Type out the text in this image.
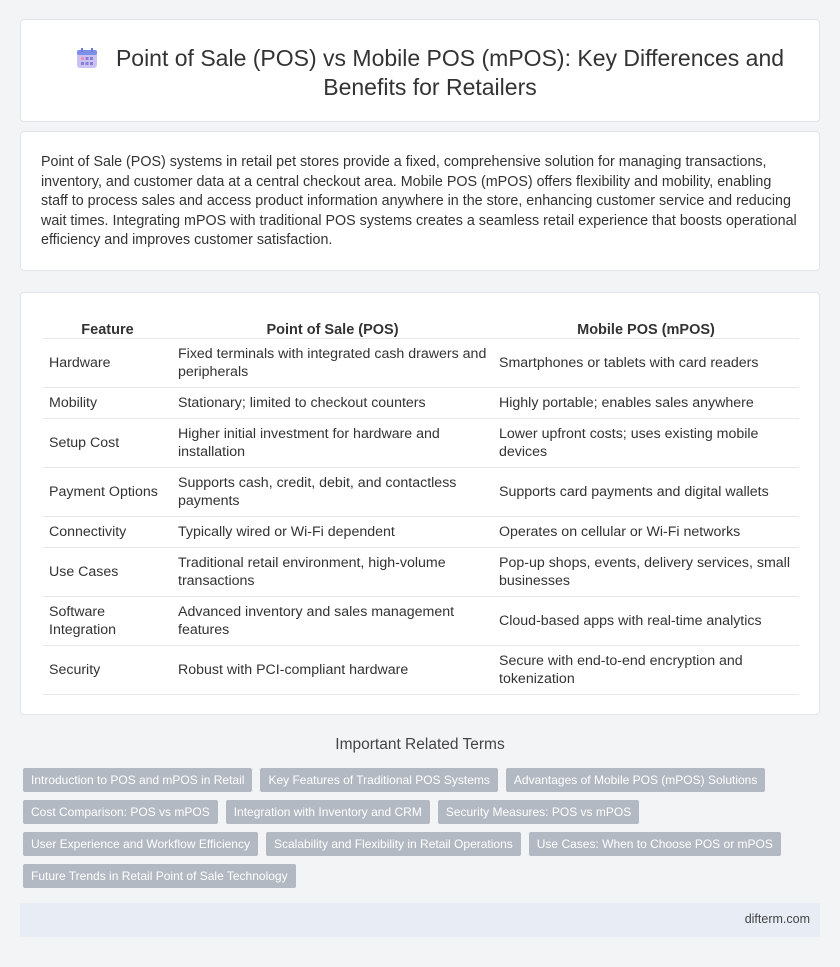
Point of Sale (POS) vs Mobile POS (mPOS): Key Differences and Benefits for Retailers

Point of Sale (POS) systems in retail pet stores provide a fixed, comprehensive solution for managing transactions, inventory, and customer data at a central checkout area. Mobile POS (mPOS) offers flexibility and mobility, enabling staff to process sales and access product information anywhere in the store, enhancing customer service and reducing wait times. Integrating mPOS with traditional POS systems creates a seamless retail experience that boosts operational efficiency and improves customer satisfaction.

Feature	Point of Sale (POS)	Mobile POS (mPOS)
Hardware	Fixed terminals with integrated cash drawers and peripherals	Smartphones or tablets with card readers
Mobility	Stationary; limited to checkout counters	Highly portable; enables sales anywhere
Setup Cost	Higher initial investment for hardware and installation	Lower upfront costs; uses existing mobile devices
Payment Options	Supports cash, credit, debit, and contactless payments	Supports card payments and digital wallets
Connectivity	Typically wired or Wi-Fi dependent	Operates on cellular or Wi-Fi networks
Use Cases	Traditional retail environment, high-volume transactions	Pop-up shops, events, delivery services, small businesses
Software Integration	Advanced inventory and sales management features	Cloud-based apps with real-time analytics
Security	Robust with PCI-compliant hardware	Secure with end-to-end encryption and tokenization
Important Related Terms
Introduction to POS and mPOS in Retail	Key Features of Traditional POS Systems	Advantages of Mobile POS (mPOS) Solutions
Cost Comparison: POS vs mPOS	Integration with Inventory and CRM	Security Measures: POS vs mPOS
User Experience and Workflow Efficiency	Scalability and Flexibility in Retail Operations	Use Cases: When to Choose POS or mPOS
Future Trends in Retail Point of Sale Technology
difterm.com
